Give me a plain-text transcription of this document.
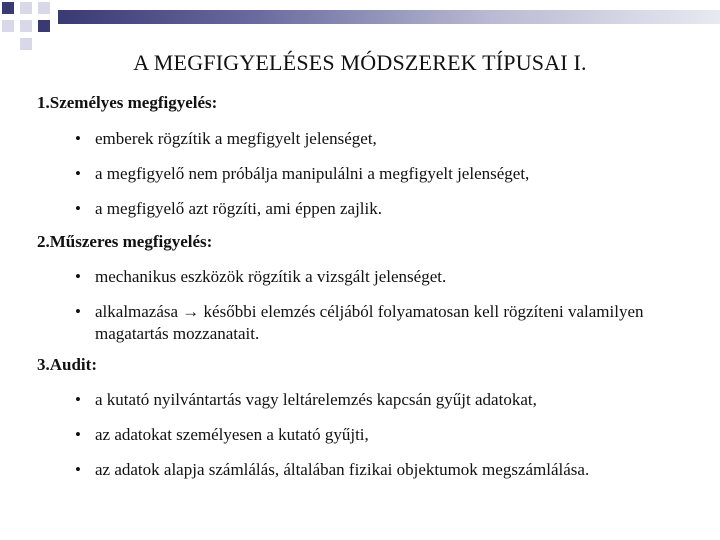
A MEGFIGYELÉSES MÓDSZEREK TÍPUSAI I.

1.Személyes megfigyelés:

• emberek rögzítik a megfigyelt jelenséget,

• a megfigyelő nem próbálja manipulálni a megfigyelt jelenséget,

• a megfigyelő azt rögzíti, ami éppen zajlik.

2.Műszeres megfigyelés:

• mechanikus eszközök rögzítik a vizsgált jelenséget.

• alkalmazása → későbbi elemzés céljából folyamatosan kell rögzíteni valamilyen magatartás mozzanatait.

3.Audit:

• a kutató nyilvántartás vagy leltárelemzés kapcsán gyűjt adatokat,

• az adatokat személyesen a kutató gyűjti,

• az adatok alapja számlálás, általában fizikai objektumok megszámlálása.
